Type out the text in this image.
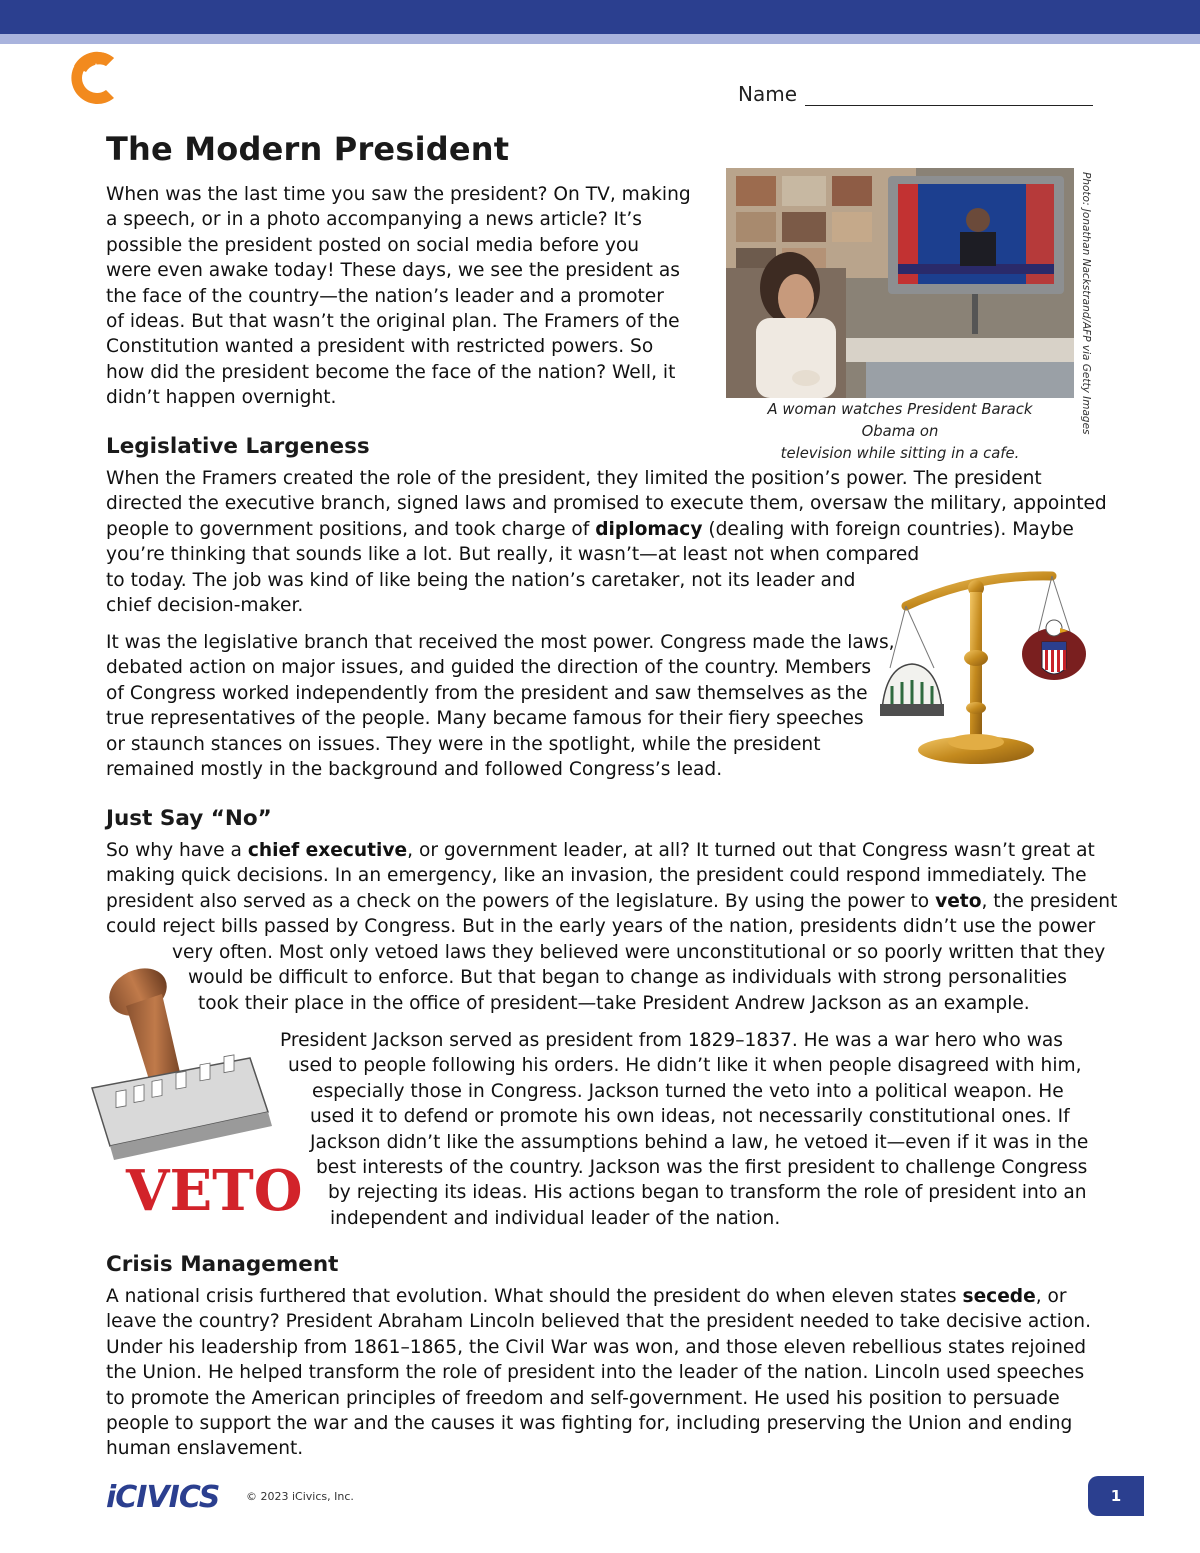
Name
The Modern President
When was the last time you saw the president? On TV, making
a speech, or in a photo accompanying a news article? It’s
possible the president posted on social media before you
were even awake today! These days, we see the president as
the face of the country—the nation’s leader and a promoter
of ideas. But that wasn’t the original plan. The Framers of the
Constitution wanted a president with restricted powers. So
how did the president become the face of the nation? Well, it
didn’t happen overnight.	Photo: Jonathan Nackstrand/AFP via Getty Images
A woman watches President Barack Obama on
television while sitting in a cafe.
Legislative Largeness
When the Framers created the role of the president, they limited the position’s power. The president
directed the executive branch, signed laws and promised to execute them, oversaw the military, appointed
people to government positions, and took charge of diplomacy (dealing with foreign countries). Maybe
you’re thinking that sounds like a lot. But really, it wasn’t—at least not when compared
to today. The job was kind of like being the nation’s caretaker, not its leader and
chief decision-maker.
It was the legislative branch that received the most power. Congress made the laws,
debated action on major issues, and guided the direction of the country. Members
of Congress worked independently from the president and saw themselves as the
true representatives of the people. Many became famous for their fiery speeches
or staunch stances on issues. They were in the spotlight, while the president
remained mostly in the background and followed Congress’s lead.
Just Say “No”
So why have a chief executive, or government leader, at all? It turned out that Congress wasn’t great at
making quick decisions. In an emergency, like an invasion, the president could respond immediately. The
president also served as a check on the powers of the legislature. By using the power to veto, the president
could reject bills passed by Congress. But in the early years of the nation, presidents didn’t use the power
very often. Most only vetoed laws they believed were unconstitutional or so poorly written that they
would be difficult to enforce. But that began to change as individuals with strong personalities
took their place in the office of president—take President Andrew Jackson as an example.
President Jackson served as president from 1829–1837. He was a war hero who was
used to people following his orders. He didn’t like it when people disagreed with him,
especially those in Congress. Jackson turned the veto into a political weapon. He
used it to defend or promote his own ideas, not necessarily constitutional ones. If
Jackson didn’t like the assumptions behind a law, he vetoed it—even if it was in the
best interests of the country. Jackson was the first president to challenge Congress
by rejecting its ideas. His actions began to transform the role of president into an
independent and individual leader of the nation.
VETO
Crisis Management
A national crisis furthered that evolution. What should the president do when eleven states secede, or
leave the country? President Abraham Lincoln believed that the president needed to take decisive action.
Under his leadership from 1861–1865, the Civil War was won, and those eleven rebellious states rejoined
the Union. He helped transform the role of president into the leader of the nation. Lincoln used speeches
to promote the American principles of freedom and self-government. He used his position to persuade
people to support the war and the causes it was fighting for, including preserving the Union and ending
human enslavement.
iCIVICS © 2023 iCivics, Inc.	1
